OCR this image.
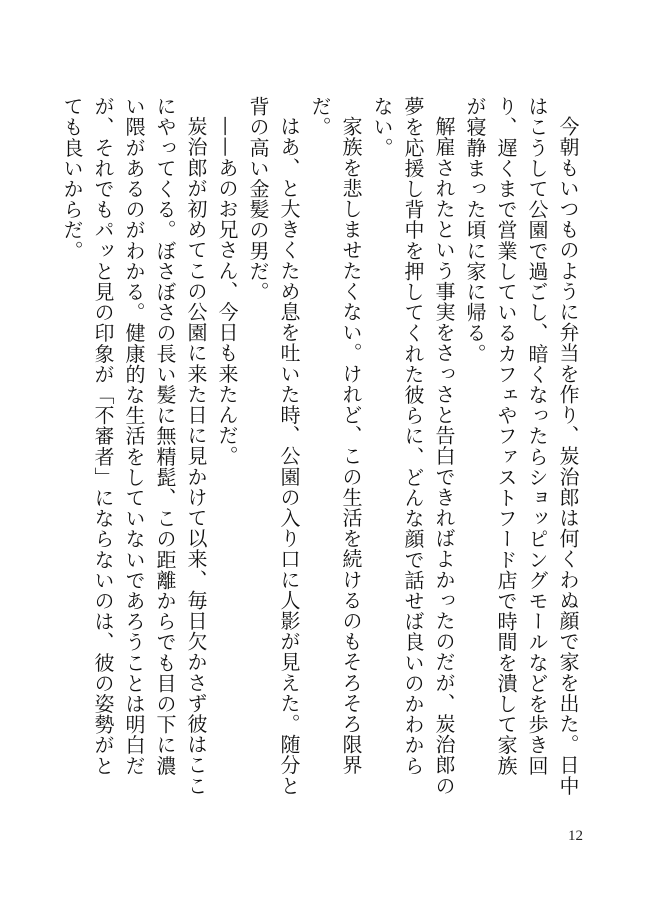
今朝もいつものように弁当を作り、炭治郎は何くわぬ顔で家を出た。日中はこうして公園で過ごし、暗くなったらショッピングモールなどを歩き回り、遅くまで営業しているカフェやファストフード店で時間を潰して家族が寝静まった頃に家に帰る。

解雇されたという事実をさっさと告白できればよかったのだが、炭治郎の夢を応援し背中を押してくれた彼らに、どんな顔で話せば良いのかわからない。

家族を悲しませたくない。けれど、この生活を続けるのもそろそろ限界だ。

はあ、と大きくため息を吐いた時、公園の入り口に人影が見えた。随分と背の高い金髪の男だ。

——あのお兄さん、今日も来たんだ。

炭治郎が初めてこの公園に来た日に見かけて以来、毎日欠かさず彼はここにやってくる。ぼさぼさの長い髪に無精髭、この距離からでも目の下に濃い隈があるのがわかる。健康的な生活をしていないであろうことは明白だが、それでもパッと見の印象が「不審者」にならないのは、彼の姿勢がとても良いからだ。

12
